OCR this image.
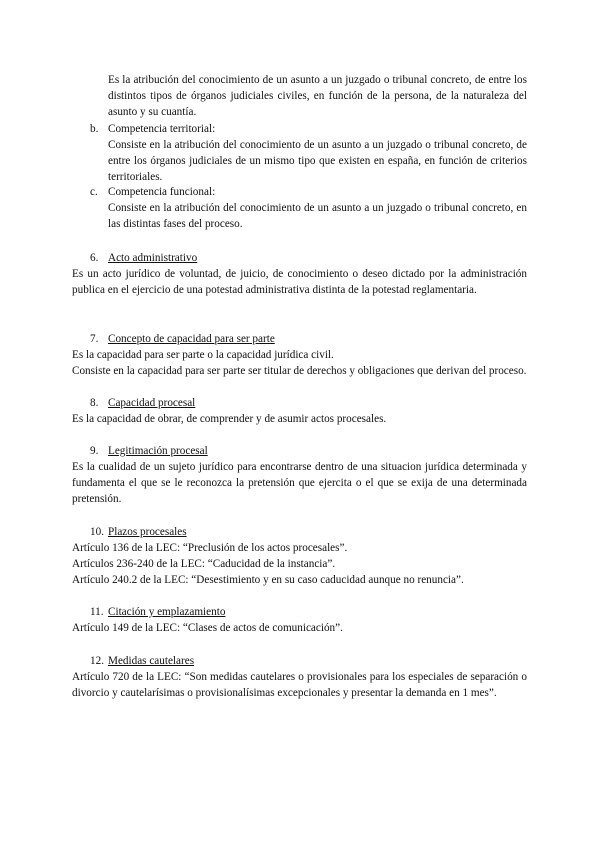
Es la atribución del conocimiento de un asunto a un juzgado o tribunal concreto, de entre los distintos tipos de órganos judiciales civiles, en función de la persona, de la naturaleza del asunto y su cuantía.

b. Competencia territorial:

Consiste en la atribución del conocimiento de un asunto a un juzgado o tribunal concreto, de entre los órganos judiciales de un mismo tipo que existen en españa, en función de criterios territoriales.

c. Competencia funcional:

Consiste en la atribución del conocimiento de un asunto a un juzgado o tribunal concreto, en las distintas fases del proceso.

6. Acto administrativo

Es un acto jurídico de voluntad, de juicio, de conocimiento o deseo dictado por la administración publica en el ejercicio de una potestad administrativa distinta de la potestad reglamentaria.

7. Concepto de capacidad para ser parte

Es la capacidad para ser parte o la capacidad jurídica civil.

Consiste en la capacidad para ser parte ser titular de derechos y obligaciones que derivan del proceso.

8. Capacidad procesal

Es la capacidad de obrar, de comprender y de asumir actos procesales.

9. Legitimación procesal

Es la cualidad de un sujeto jurídico para encontrarse dentro de una situacion jurídica determinada y fundamenta el que se le reconozca la pretensión que ejercita o el que se exija de una determinada pretensión.

10. Plazos procesales

Artículo 136 de la LEC: “Preclusión de los actos procesales”.

Artículos 236-240 de la LEC: “Caducidad de la instancia”.

Artículo 240.2 de la LEC: “Desestimiento y en su caso caducidad aunque no renuncia”.

11. Citación y emplazamiento

Artículo 149 de la LEC: “Clases de actos de comunicación”.

12. Medidas cautelares

Artículo 720 de la LEC: “Son medidas cautelares o provisionales para los especiales de separación o divorcio y cautelarísimas o provisionalísimas excepcionales y presentar la demanda en 1 mes”.
